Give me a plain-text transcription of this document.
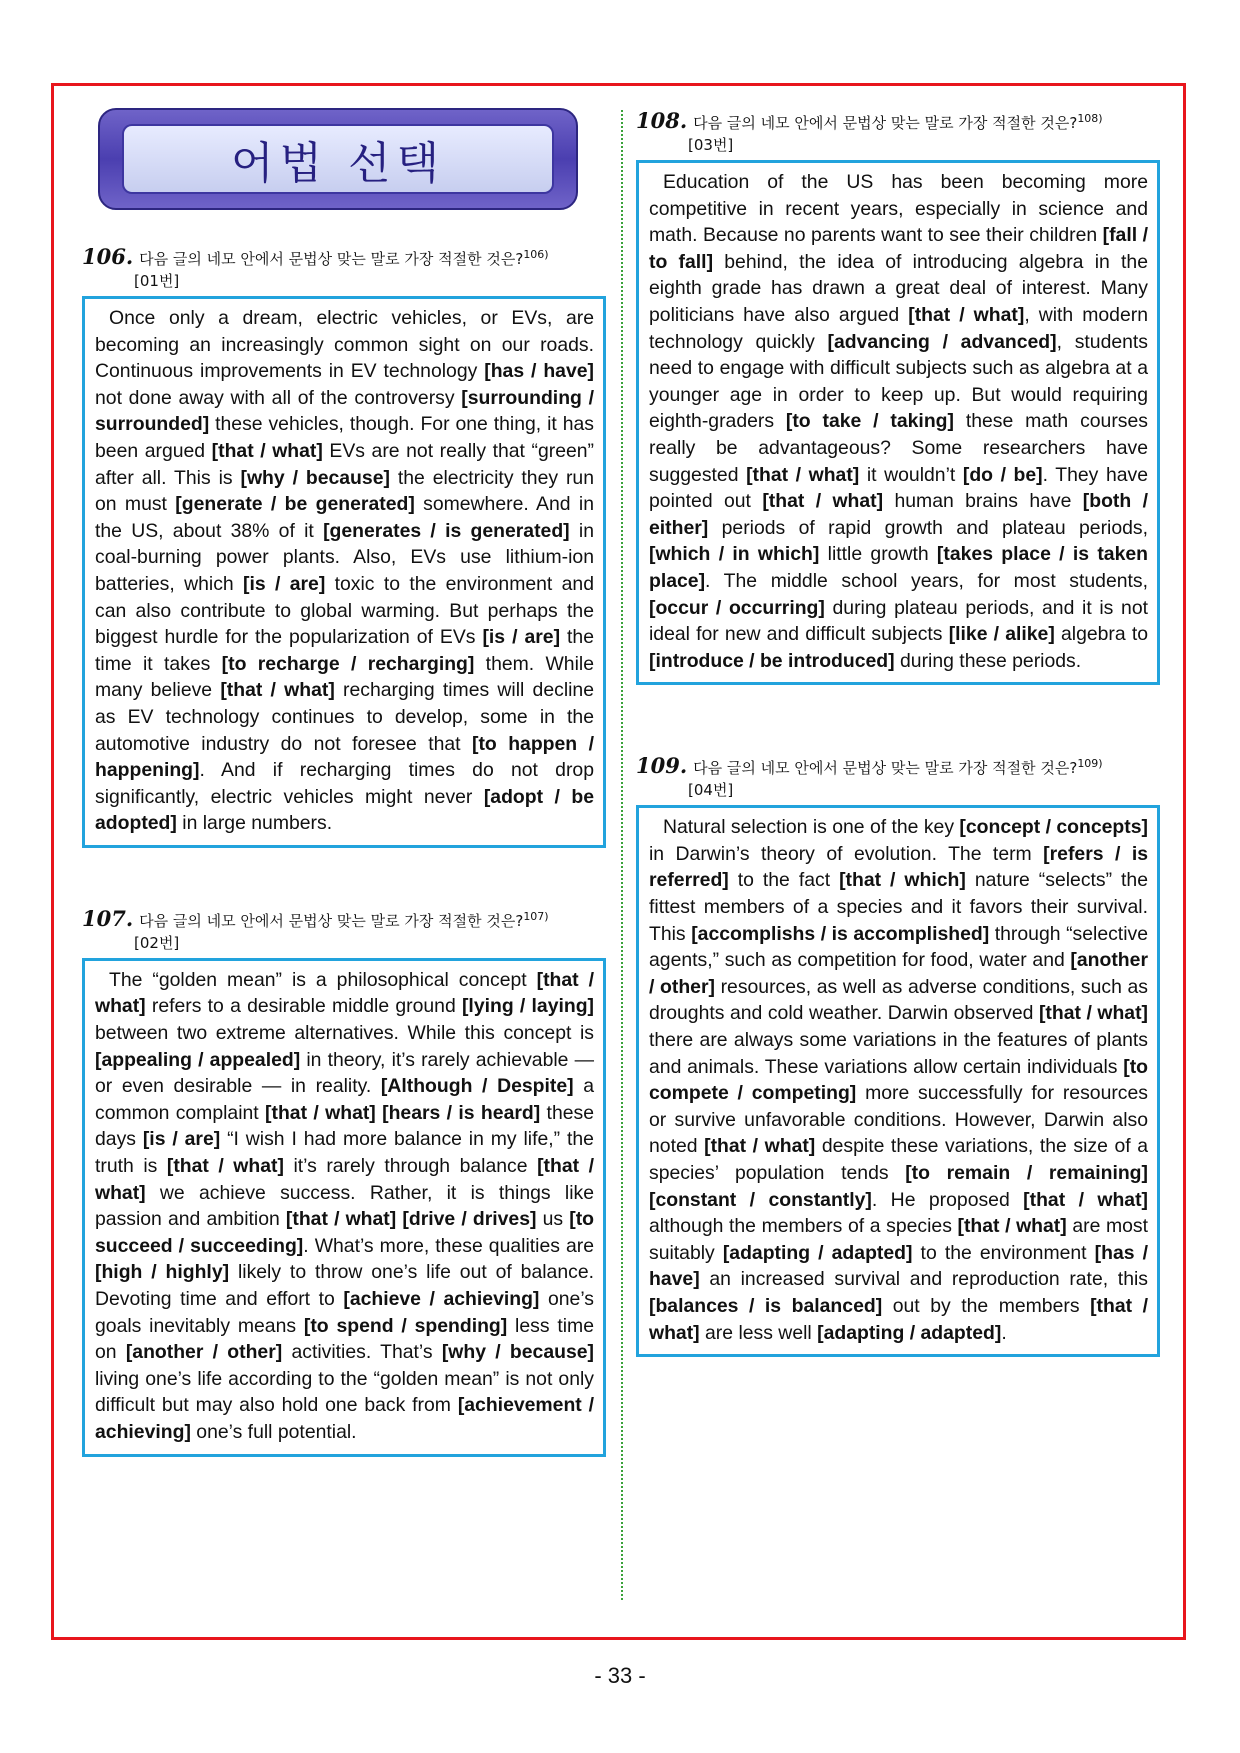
어법 선택

106. 다음 글의 네모 안에서 문법상 맞는 말로 가장 적절한 것은?$^{106)}$

[01번]

Once only a dream, electric vehicles, or EVs, are becoming an increasingly common sight on our roads. Continuous improvements in EV technology [has / have] not done away with all of the controversy [surrounding / surrounded] these vehicles, though. For one thing, it has been argued [that / what] EVs are not really that “green” after all. This is [why / because] the electricity they run on must [generate / be generated] somewhere. And in the US, about 38% of it [generates / is generated] in coal-burning power plants. Also, EVs use lithium-ion batteries, which [is / are] toxic to the environment and can also contribute to global warming. But perhaps the biggest hurdle for the popularization of EVs [is / are] the time it takes [to recharge / recharging] them. While many believe [that / what] recharging times will decline as EV technology continues to develop, some in the automotive industry do not foresee that [to happen / happening]. And if recharging times do not drop significantly, electric vehicles might never [adopt / be adopted] in large numbers.

107. 다음 글의 네모 안에서 문법상 맞는 말로 가장 적절한 것은?$^{107)}$

[02번]

The “golden mean” is a philosophical concept [that / what] refers to a desirable middle ground [lying / laying] between two extreme alternatives. While this concept is [appealing / appealed] in theory, it’s rarely achievable — or even desirable — in reality. [Although / Despite] a common complaint [that / what] [hears / is heard] these days [is / are] “I wish I had more balance in my life,” the truth is [that / what] it’s rarely through balance [that / what] we achieve success. Rather, it is things like passion and ambition [that / what] [drive / drives] us [to succeed / succeeding]. What’s more, these qualities are [high / highly] likely to throw one’s life out of balance. Devoting time and effort to [achieve / achieving] one’s goals inevitably means [to spend / spending] less time on [another / other] activities. That’s [why / because] living one’s life according to the “golden mean” is not only difficult but may also hold one back from [achievement / achieving] one’s full potential.

108. 다음 글의 네모 안에서 문법상 맞는 말로 가장 적절한 것은?$^{108)}$

[03번]

Education of the US has been becoming more competitive in recent years, especially in science and math. Because no parents want to see their children [fall / to fall] behind, the idea of introducing algebra in the eighth grade has drawn a great deal of interest. Many politicians have also argued [that / what], with modern technology quickly [advancing / advanced], students need to engage with difficult subjects such as algebra at a younger age in order to keep up. But would requiring eighth-graders [to take / taking] these math courses really be advantageous? Some researchers have suggested [that / what] it wouldn’t [do / be]. They have pointed out [that / what] human brains have [both / either] periods of rapid growth and plateau periods, [which / in which] little growth [takes place / is taken place]. The middle school years, for most students, [occur / occurring] during plateau periods, and it is not ideal for new and difficult subjects [like / alike] algebra to [introduce / be introduced] during these periods.

109. 다음 글의 네모 안에서 문법상 맞는 말로 가장 적절한 것은?$^{109)}$

[04번]

Natural selection is one of the key [concept / concepts] in Darwin’s theory of evolution. The term [refers / is referred] to the fact [that / which] nature “selects” the fittest members of a species and it favors their survival. This [accomplishs / is accomplished] through “selective agents,” such as competition for food, water and [another / other] resources, as well as adverse conditions, such as droughts and cold weather. Darwin observed [that / what] there are always some variations in the features of plants and animals. These variations allow certain individuals [to compete / competing] more successfully for resources or survive unfavorable conditions. However, Darwin also noted [that / what] despite these variations, the size of a species’ population tends [to remain / remaining] [constant / constantly]. He proposed [that / what] although the members of a species [that / what] are most suitably [adapting / adapted] to the environment [has / have] an increased survival and reproduction rate, this [balances / is balanced] out by the members [that / what] are less well [adapting / adapted].

- 33 -
